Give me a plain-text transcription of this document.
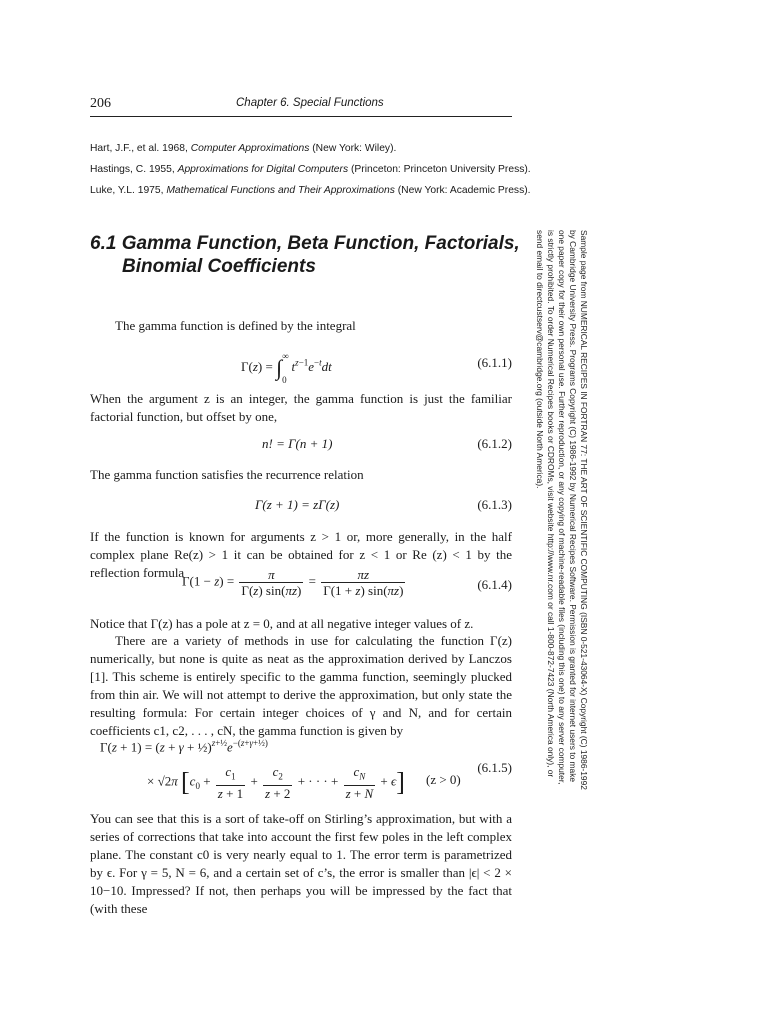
206	Chapter 6. Special Functions
Hart, J.F., et al. 1968, Computer Approximations (New York: Wiley).
Hastings, C. 1955, Approximations for Digital Computers (Princeton: Princeton University Press).
Luke, Y.L. 1975, Mathematical Functions and Their Approximations (New York: Academic Press).
6.1 Gamma Function, Beta Function, Factorials,
Binomial Coefficients
The gamma function is defined by the integral
Γ(z) = ∫∞

$0t^{z-1}e^{-t}dt$	(6.1.1)
When the argument z is an integer, the gamma function is just the familiar factorial function, but offset by one,
n! = Γ(n + 1)	(6.1.2)
The gamma function satisfies the recurrence relation
Γ(z + 1) = zΓ(z)	(6.1.3)
If the function is known for arguments z > 1 or, more generally, in the half complex plane Re(z) > 1 it can be obtained for z < 1 or Re (z) < 1 by the reflection formula
$\Gamma(1 - z) = \frac{\pi}{\Gamma(z) \sin(\pi z)} = \frac{\pi z}{\Gamma(1 + z) \sin(\pi z)}$	(6.1.4)
Notice that Γ(z) has a pole at z = 0, and at all negative integer values of z.
There are a variety of methods in use for calculating the function Γ(z) numerically, but none is quite as neat as the approximation derived by Lanczos [1]. This scheme is entirely specific to the gamma function, seemingly plucked from thin air. We will not attempt to derive the approximation, but only state the resulting formula: For certain integer choices of γ and N, and for certain coefficients c1, c2, . . . , cN, the gamma function is given by
$\Gamma(z + 1) = (z + \gamma + \frac{1}{2})^{z+\frac{1}{2}}e^{-(z+\gamma+\frac{1}{2})}$
× √2π [$c_0 + \frac{c_1}{z + 1} + \frac{c_2}{z + 2}$ + · · · + $\frac{c_N}{z + N} + \epsilon$] (z > 0)
(6.1.5)
You can see that this is a sort of take-off on Stirling’s approximation, but with a series of corrections that take into account the first few poles in the left complex plane. The constant c0 is very nearly equal to 1. The error term is parametrized by ϵ. For γ = 5, N = 6, and a certain set of c’s, the error is smaller than |ϵ| < 2 × 10−10. Impressed? If not, then perhaps you will be impressed by the fact that (with these
Sample page from NUMERICAL RECIPES IN FORTRAN 77: THE ART OF SCIENTIFIC COMPUTING (ISBN 0-521-43064-X) Copyright (C) 1986-1992 by Cambridge University Press. Programs Copyright (C) 1986-1992 by Numerical Recipes Software. Permission is granted for internet users to make one paper copy for their own personal use. Further reproduction, or any copying of machine-readable files (including this one) to any server computer, is strictly prohibited. To order Numerical Recipes books or CDROMs, visit website http://www.nr.com or call 1-800-872-7423 (North America only), or send email to directcustserv@cambridge.org (outside North America).
